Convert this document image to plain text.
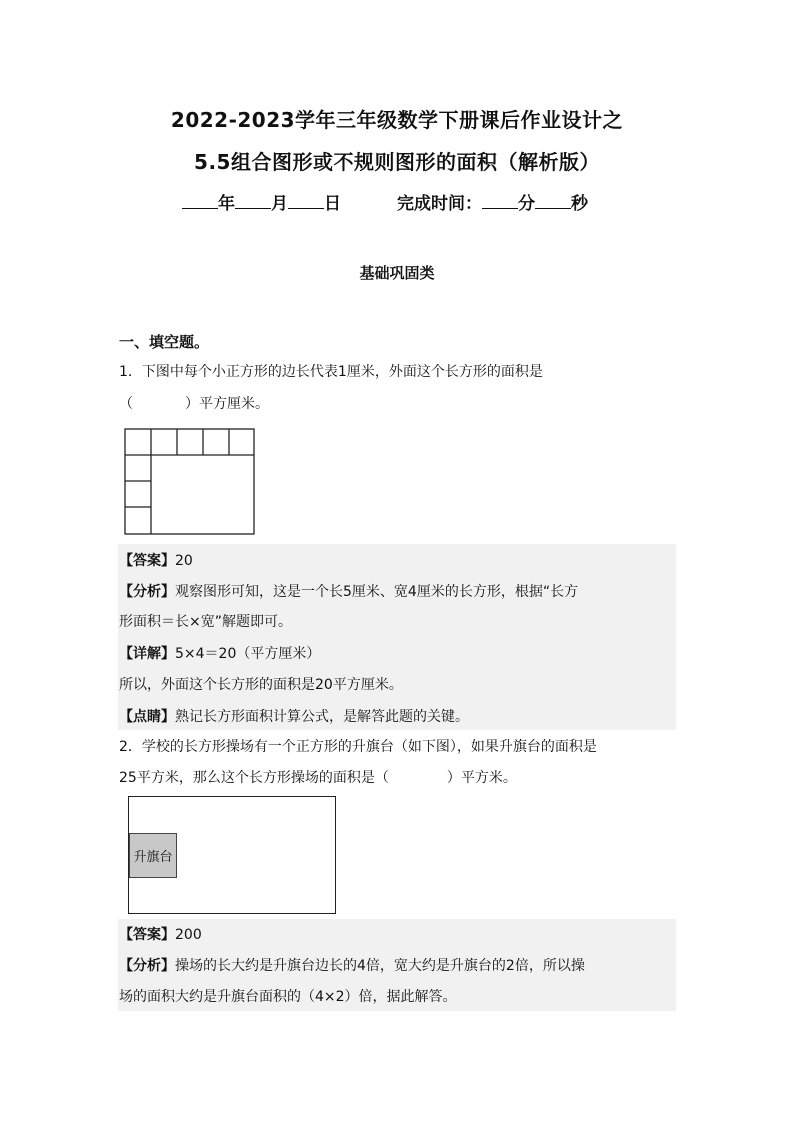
2022-2023学年三年级数学下册课后作业设计之
5.5组合图形或不规则图形的面积（解析版）
年 月 日	完成时间： 分 秒
基础巩固类
一、填空题。
1．下图中每个小正方形的边长代表1厘米，外面这个长方形的面积是
（	）平方厘米。
【答案】20
【分析】观察图形可知，这是一个长5厘米、宽4厘米的长方形，根据“长方
形面积＝长×宽”解题即可。
【详解】5×4＝20（平方厘米）
所以，外面这个长方形的面积是20平方厘米。
【点睛】熟记长方形面积计算公式，是解答此题的关键。
2．学校的长方形操场有一个正方形的升旗台（如下图），如果升旗台的面积是
25平方米，那么这个长方形操场的面积是（	）平方米。
升旗台
【答案】200
【分析】操场的长大约是升旗台边长的4倍，宽大约是升旗台的2倍，所以操
场的面积大约是升旗台面积的（4×2）倍，据此解答。
